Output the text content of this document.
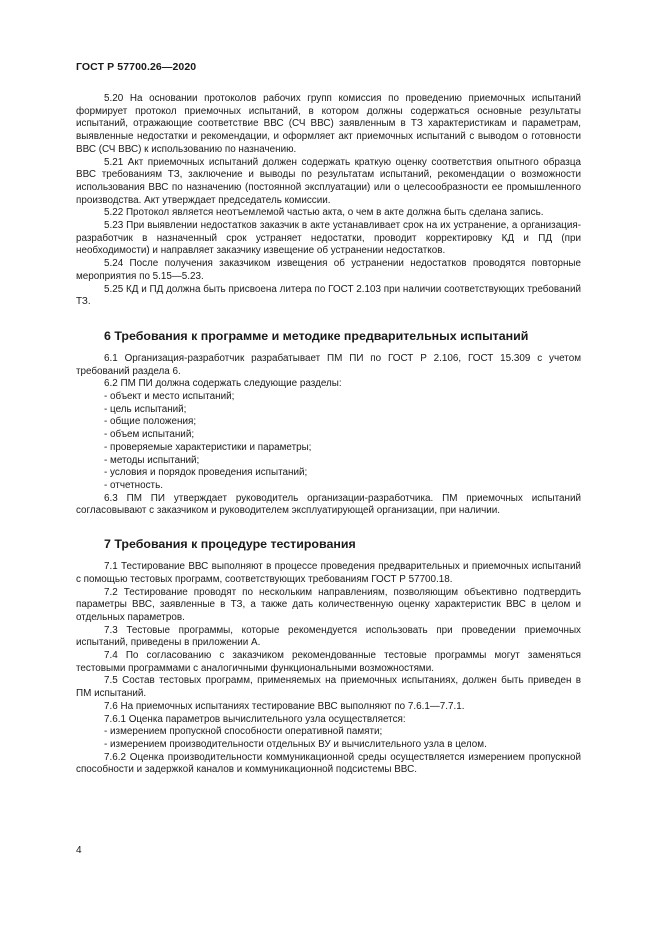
ГОСТ Р 57700.26—2020

5.20 На основании протоколов рабочих групп комиссия по проведению приемочных испытаний формирует протокол приемочных испытаний, в котором должны содержаться основные результаты испытаний, отражающие соответствие ВВС (СЧ ВВС) заявленным в ТЗ характеристикам и параметрам, выявленные недостатки и рекомендации, и оформляет акт приемочных испытаний с выводом о готовности ВВС (СЧ ВВС) к использованию по назначению.

5.21 Акт приемочных испытаний должен содержать краткую оценку соответствия опытного образца ВВС требованиям ТЗ, заключение и выводы по результатам испытаний, рекомендации о возможности использования ВВС по назначению (постоянной эксплуатации) или о целесообразности ее промышленного производства. Акт утверждает председатель комиссии.

5.22 Протокол является неотъемлемой частью акта, о чем в акте должна быть сделана запись.

5.23 При выявлении недостатков заказчик в акте устанавливает срок на их устранение, а организация-разработчик в назначенный срок устраняет недостатки, проводит корректировку КД и ПД (при необходимости) и направляет заказчику извещение об устранении недостатков.

5.24 После получения заказчиком извещения об устранении недостатков проводятся повторные мероприятия по 5.15—5.23.

5.25 КД и ПД должна быть присвоена литера по ГОСТ 2.103 при наличии соответствующих требований ТЗ.

6 Требования к программе и методике предварительных испытаний

6.1 Организация-разработчик разрабатывает ПМ ПИ по ГОСТ Р 2.106, ГОСТ 15.309 с учетом требований раздела 6.

6.2 ПМ ПИ должна содержать следующие разделы:

- объект и место испытаний;

- цель испытаний;

- общие положения;

- объем испытаний;

- проверяемые характеристики и параметры;

- методы испытаний;

- условия и порядок проведения испытаний;

- отчетность.

6.3 ПМ ПИ утверждает руководитель организации-разработчика. ПМ приемочных испытаний согласовывают с заказчиком и руководителем эксплуатирующей организации, при наличии.

7 Требования к процедуре тестирования

7.1 Тестирование ВВС выполняют в процессе проведения предварительных и приемочных испытаний с помощью тестовых программ, соответствующих требованиям ГОСТ Р 57700.18.

7.2 Тестирование проводят по нескольким направлениям, позволяющим объективно подтвердить параметры ВВС, заявленные в ТЗ, а также дать количественную оценку характеристик ВВС в целом и отдельных параметров.

7.3 Тестовые программы, которые рекомендуется использовать при проведении приемочных испытаний, приведены в приложении А.

7.4 По согласованию с заказчиком рекомендованные тестовые программы могут заменяться тестовыми программами с аналогичными функциональными возможностями.

7.5 Состав тестовых программ, применяемых на приемочных испытаниях, должен быть приведен в ПМ испытаний.

7.6 На приемочных испытаниях тестирование ВВС выполняют по 7.6.1—7.7.1.

7.6.1 Оценка параметров вычислительного узла осуществляется:

- измерением пропускной способности оперативной памяти;

- измерением производительности отдельных ВУ и вычислительного узла в целом.

7.6.2 Оценка производительности коммуникационной среды осуществляется измерением пропускной способности и задержкой каналов и коммуникационной подсистемы ВВС.

4
